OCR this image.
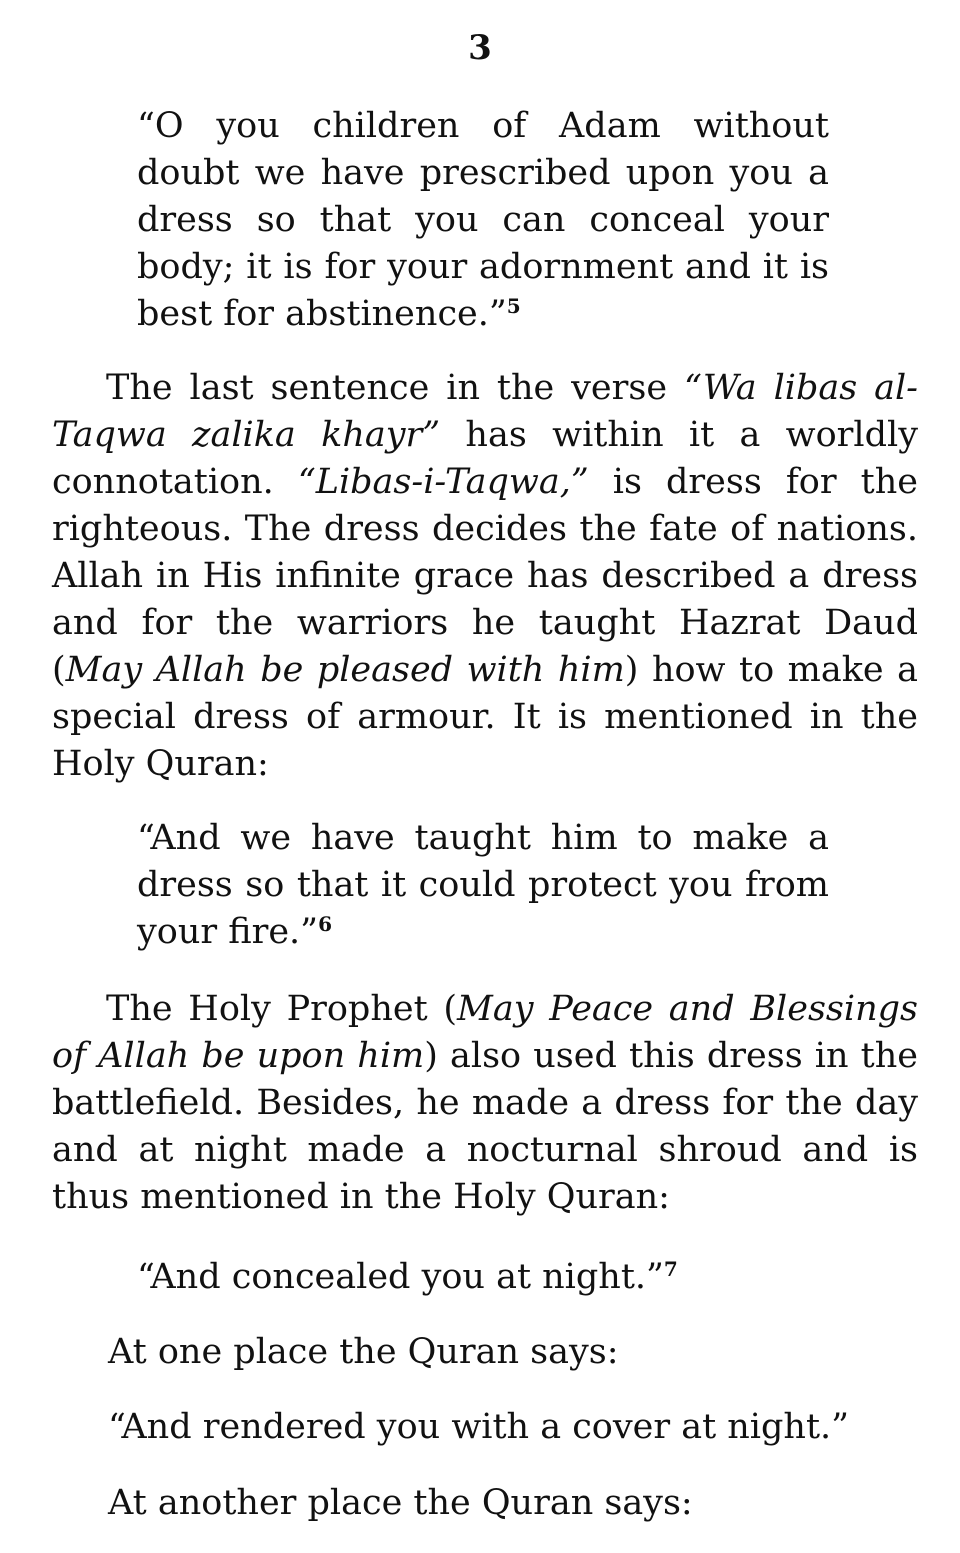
3

“O you children of Adam without doubt we have prescribed upon you a dress so that you can conceal your body; it is for your adornment and it is best for abstinence.”$^5$

The last sentence in the verse “Wa libas al-Taqwa zalika khayr” has within it a worldly connotation. “Libas-i-Taqwa,” is dress for the righteous. The dress decides the fate of nations. Allah in His infinite grace has described a dress and for the warriors he taught Hazrat Daud (May Allah be pleased with him) how to make a special dress of armour. It is mentioned in the Holy Quran:

“And we have taught him to make a dress so that it could protect you from your fire.”$^6$

The Holy Prophet (May Peace and Blessings of Allah be upon him) also used this dress in the battlefield. Besides, he made a dress for the day and at night made a nocturnal shroud and is thus mentioned in the Holy Quran:

“And concealed you at night.”$^7$

At one place the Quran says:

“And rendered you with a cover at night.”

At another place the Quran says:
